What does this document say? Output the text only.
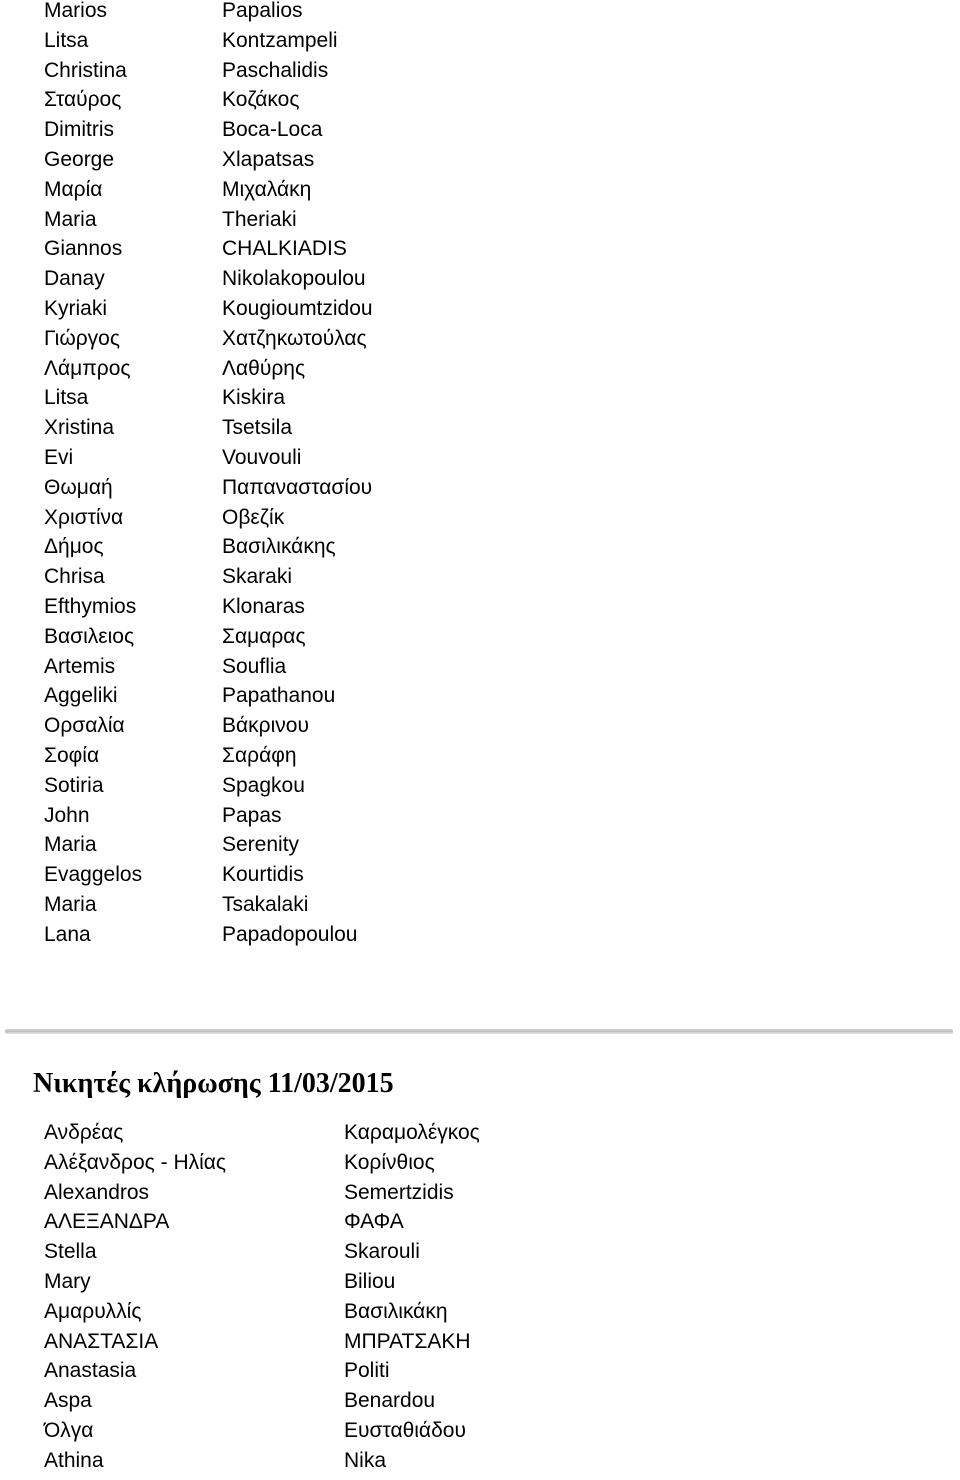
Marios	Papalios
Litsa	Kontzampeli
Christina	Paschalidis
Σταύρος	Κοζάκος
Dimitris	Boca-Loca
George	Xlapatsas
Μαρία	Μιχαλάκη
Maria	Theriaki
Giannos	CHALKIADIS
Danay	Nikolakopoulou
Kyriaki	Kougioumtzidou
Γιώργος	Χατζηκωτούλας
Λάμπρος	Λαθύρης
Litsa	Kiskira
Xristina	Tsetsila
Evi	Vouvouli
Θωμαή	Παπαναστασίου
Χριστίνα	Οβεζίκ
Δήμος	Βασιλικάκης
Chrisa	Skaraki
Efthymios	Klonaras
Βασιλειος	Σαμαρας
Artemis	Souflia
Aggeliki	Papathanou
Ορσαλία	Βάκρινου
Σοφία	Σαράφη
Sotiria	Spagkou
John	Papas
Maria	Serenity
Evaggelos	Kourtidis
Maria	Tsakalaki
Lana	Papadopoulou
Νικητές κλήρωσης 11/03/2015
Ανδρέας	Καραμολέγκος
Αλέξανδρος - Ηλίας	Κορίνθιος
Alexandros	Semertzidis
ΑΛΕΞΑΝΔΡΑ	ΦΑΦΑ
Stella	Skarouli
Mary	Biliou
Αμαρυλλίς	Βασιλικάκη
ΑΝΑΣΤΑΣΙΑ	ΜΠΡΑΤΣΑΚΗ
Anastasia	Politi
Aspa	Benardou
Όλγα	Ευσταθιάδου
Athina	Nika
